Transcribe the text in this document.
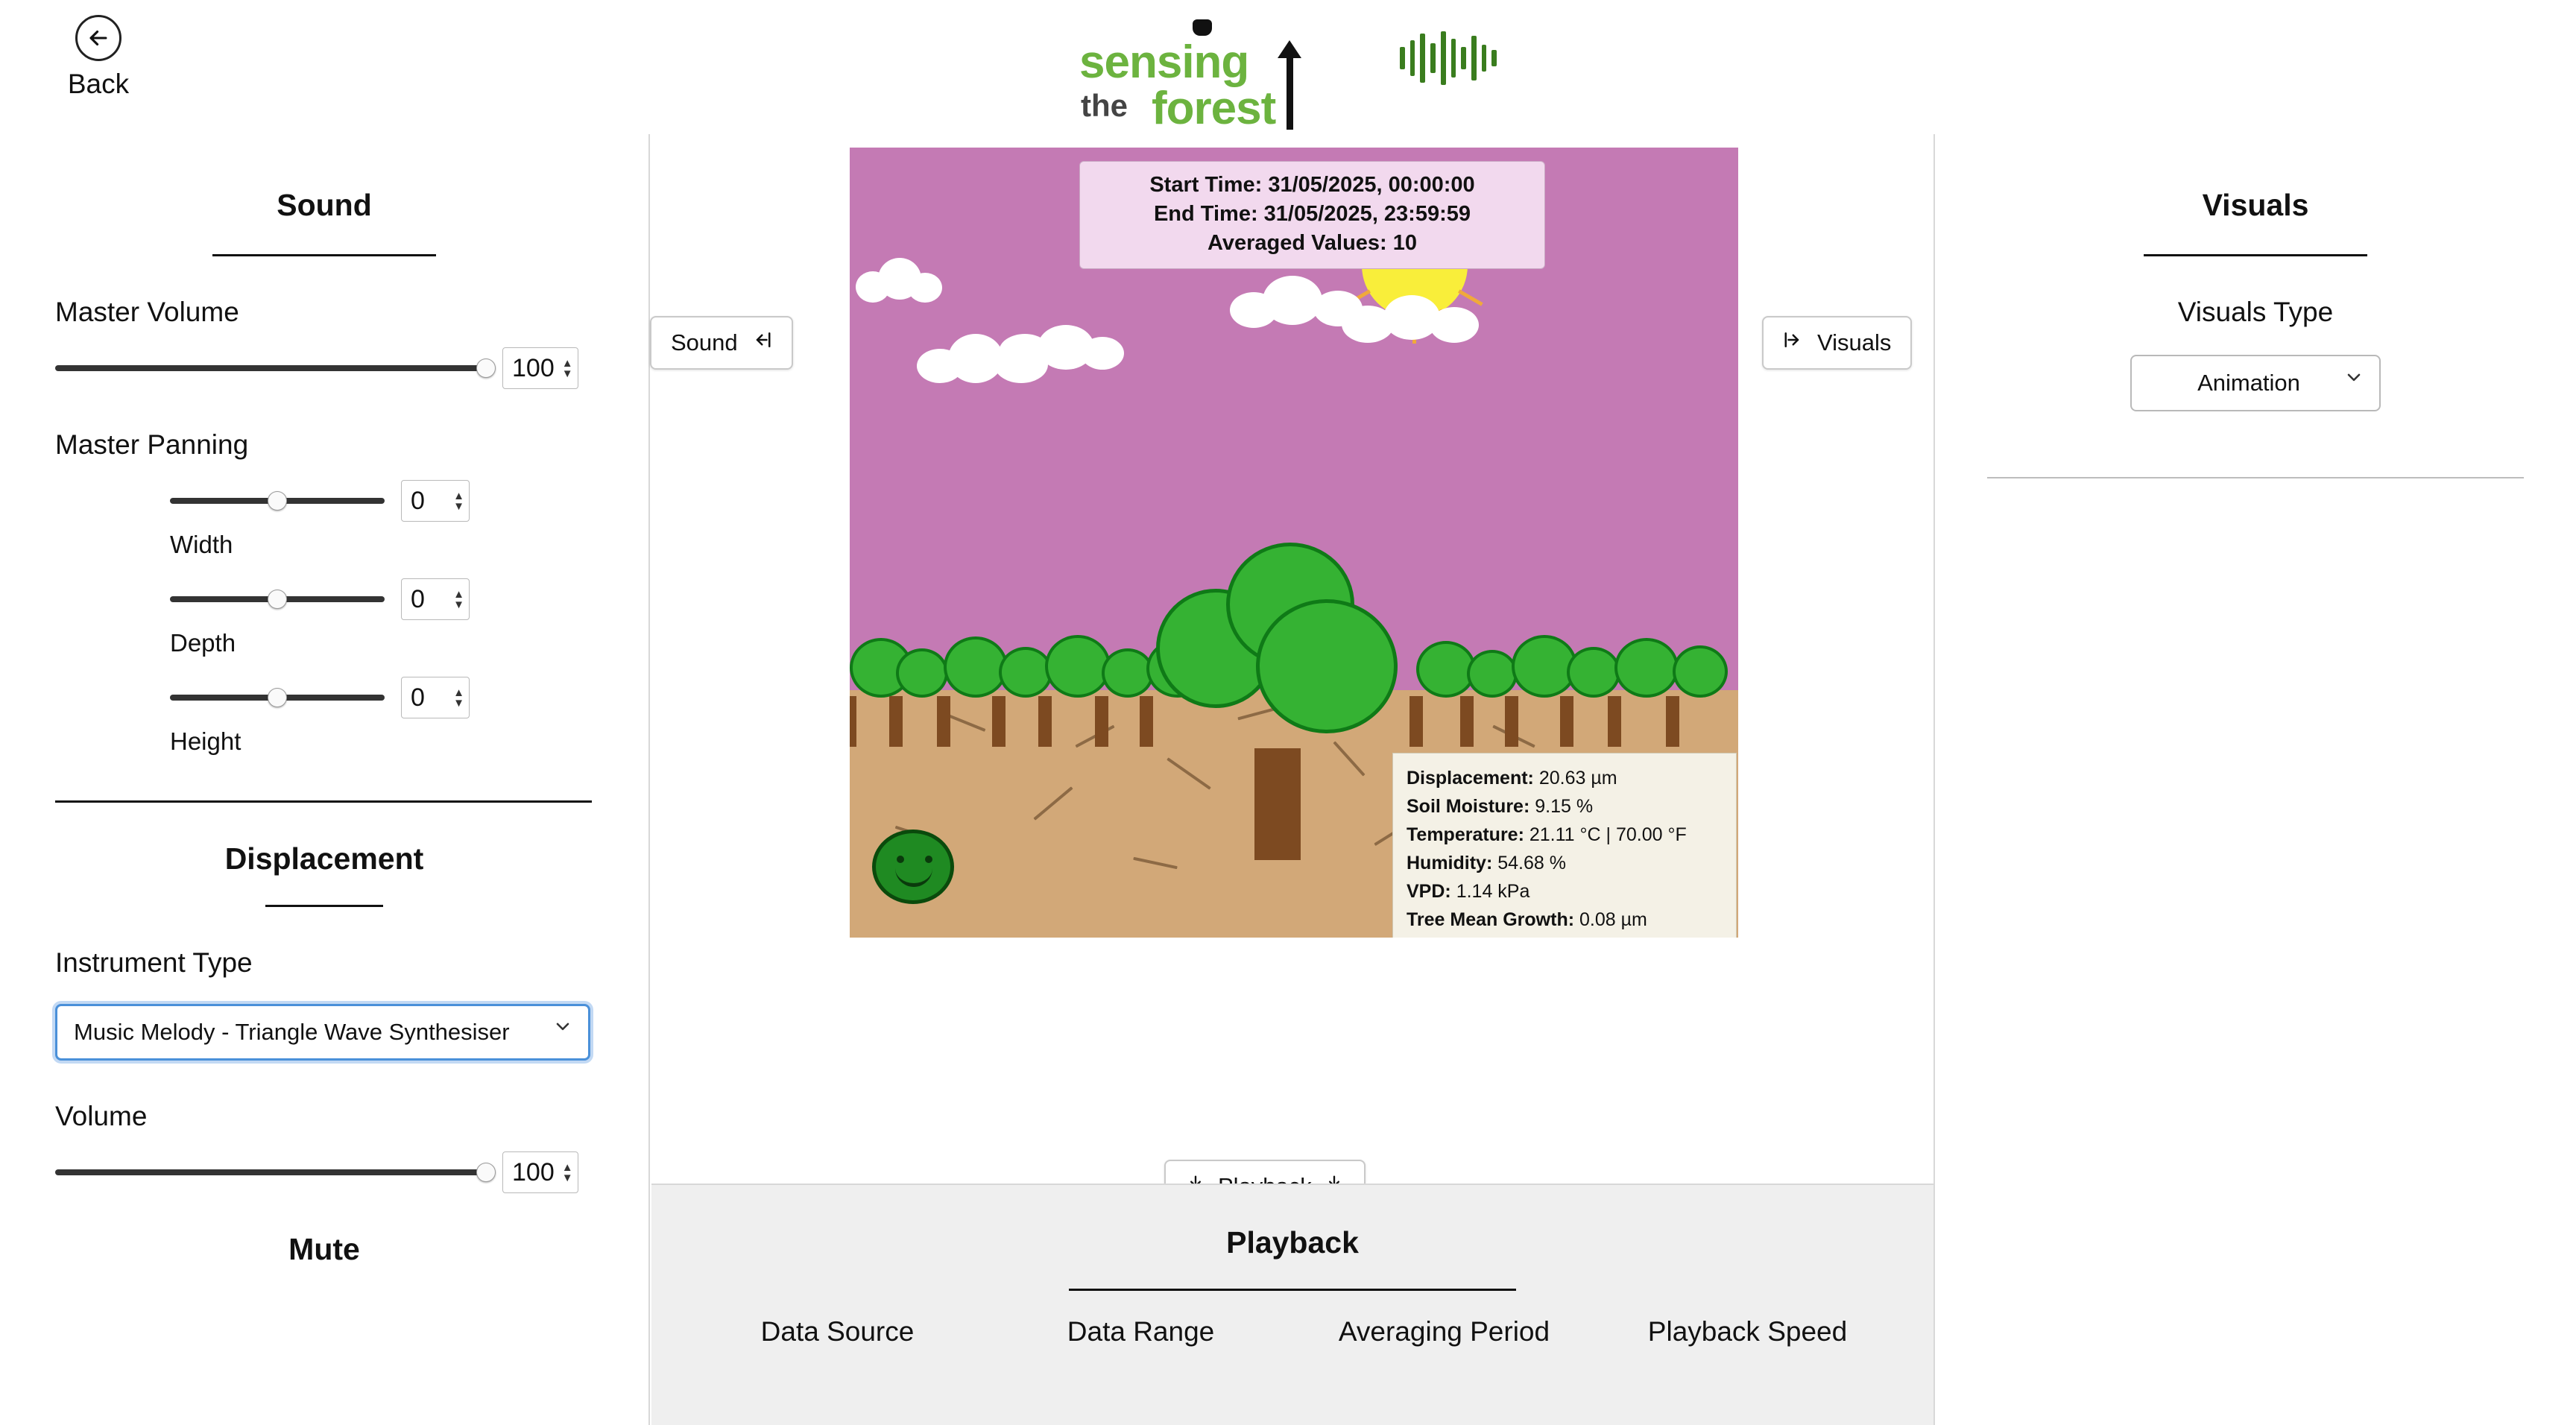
Back	sensing
the forest
Sound
Master Volume
100 ▲
▼
Master Panning
0	▲
▼
Width
0	▲
▼
Depth
0	▲
▼
Height
Displacement
Instrument Type
Music Melody - Triangle Wave Synthesiser
Volume
100 ▲
▼
Mute
Visuals
Visuals Type
Animation
Start Time: 31/05/2025, 00:00:00
End Time: 31/05/2025, 23:59:59
Averaged Values: 10
Displacement: 20.63 µm
Soil Moisture: 9.15 %
Temperature: 21.11 °C | 70.00 °F
Humidity: 54.68 %
VPD: 1.14 kPa
Tree Mean Growth: 0.08 µm
Sound	Visuals
Playback
Data Source	Data Range	Averaging Period	Playback Speed
